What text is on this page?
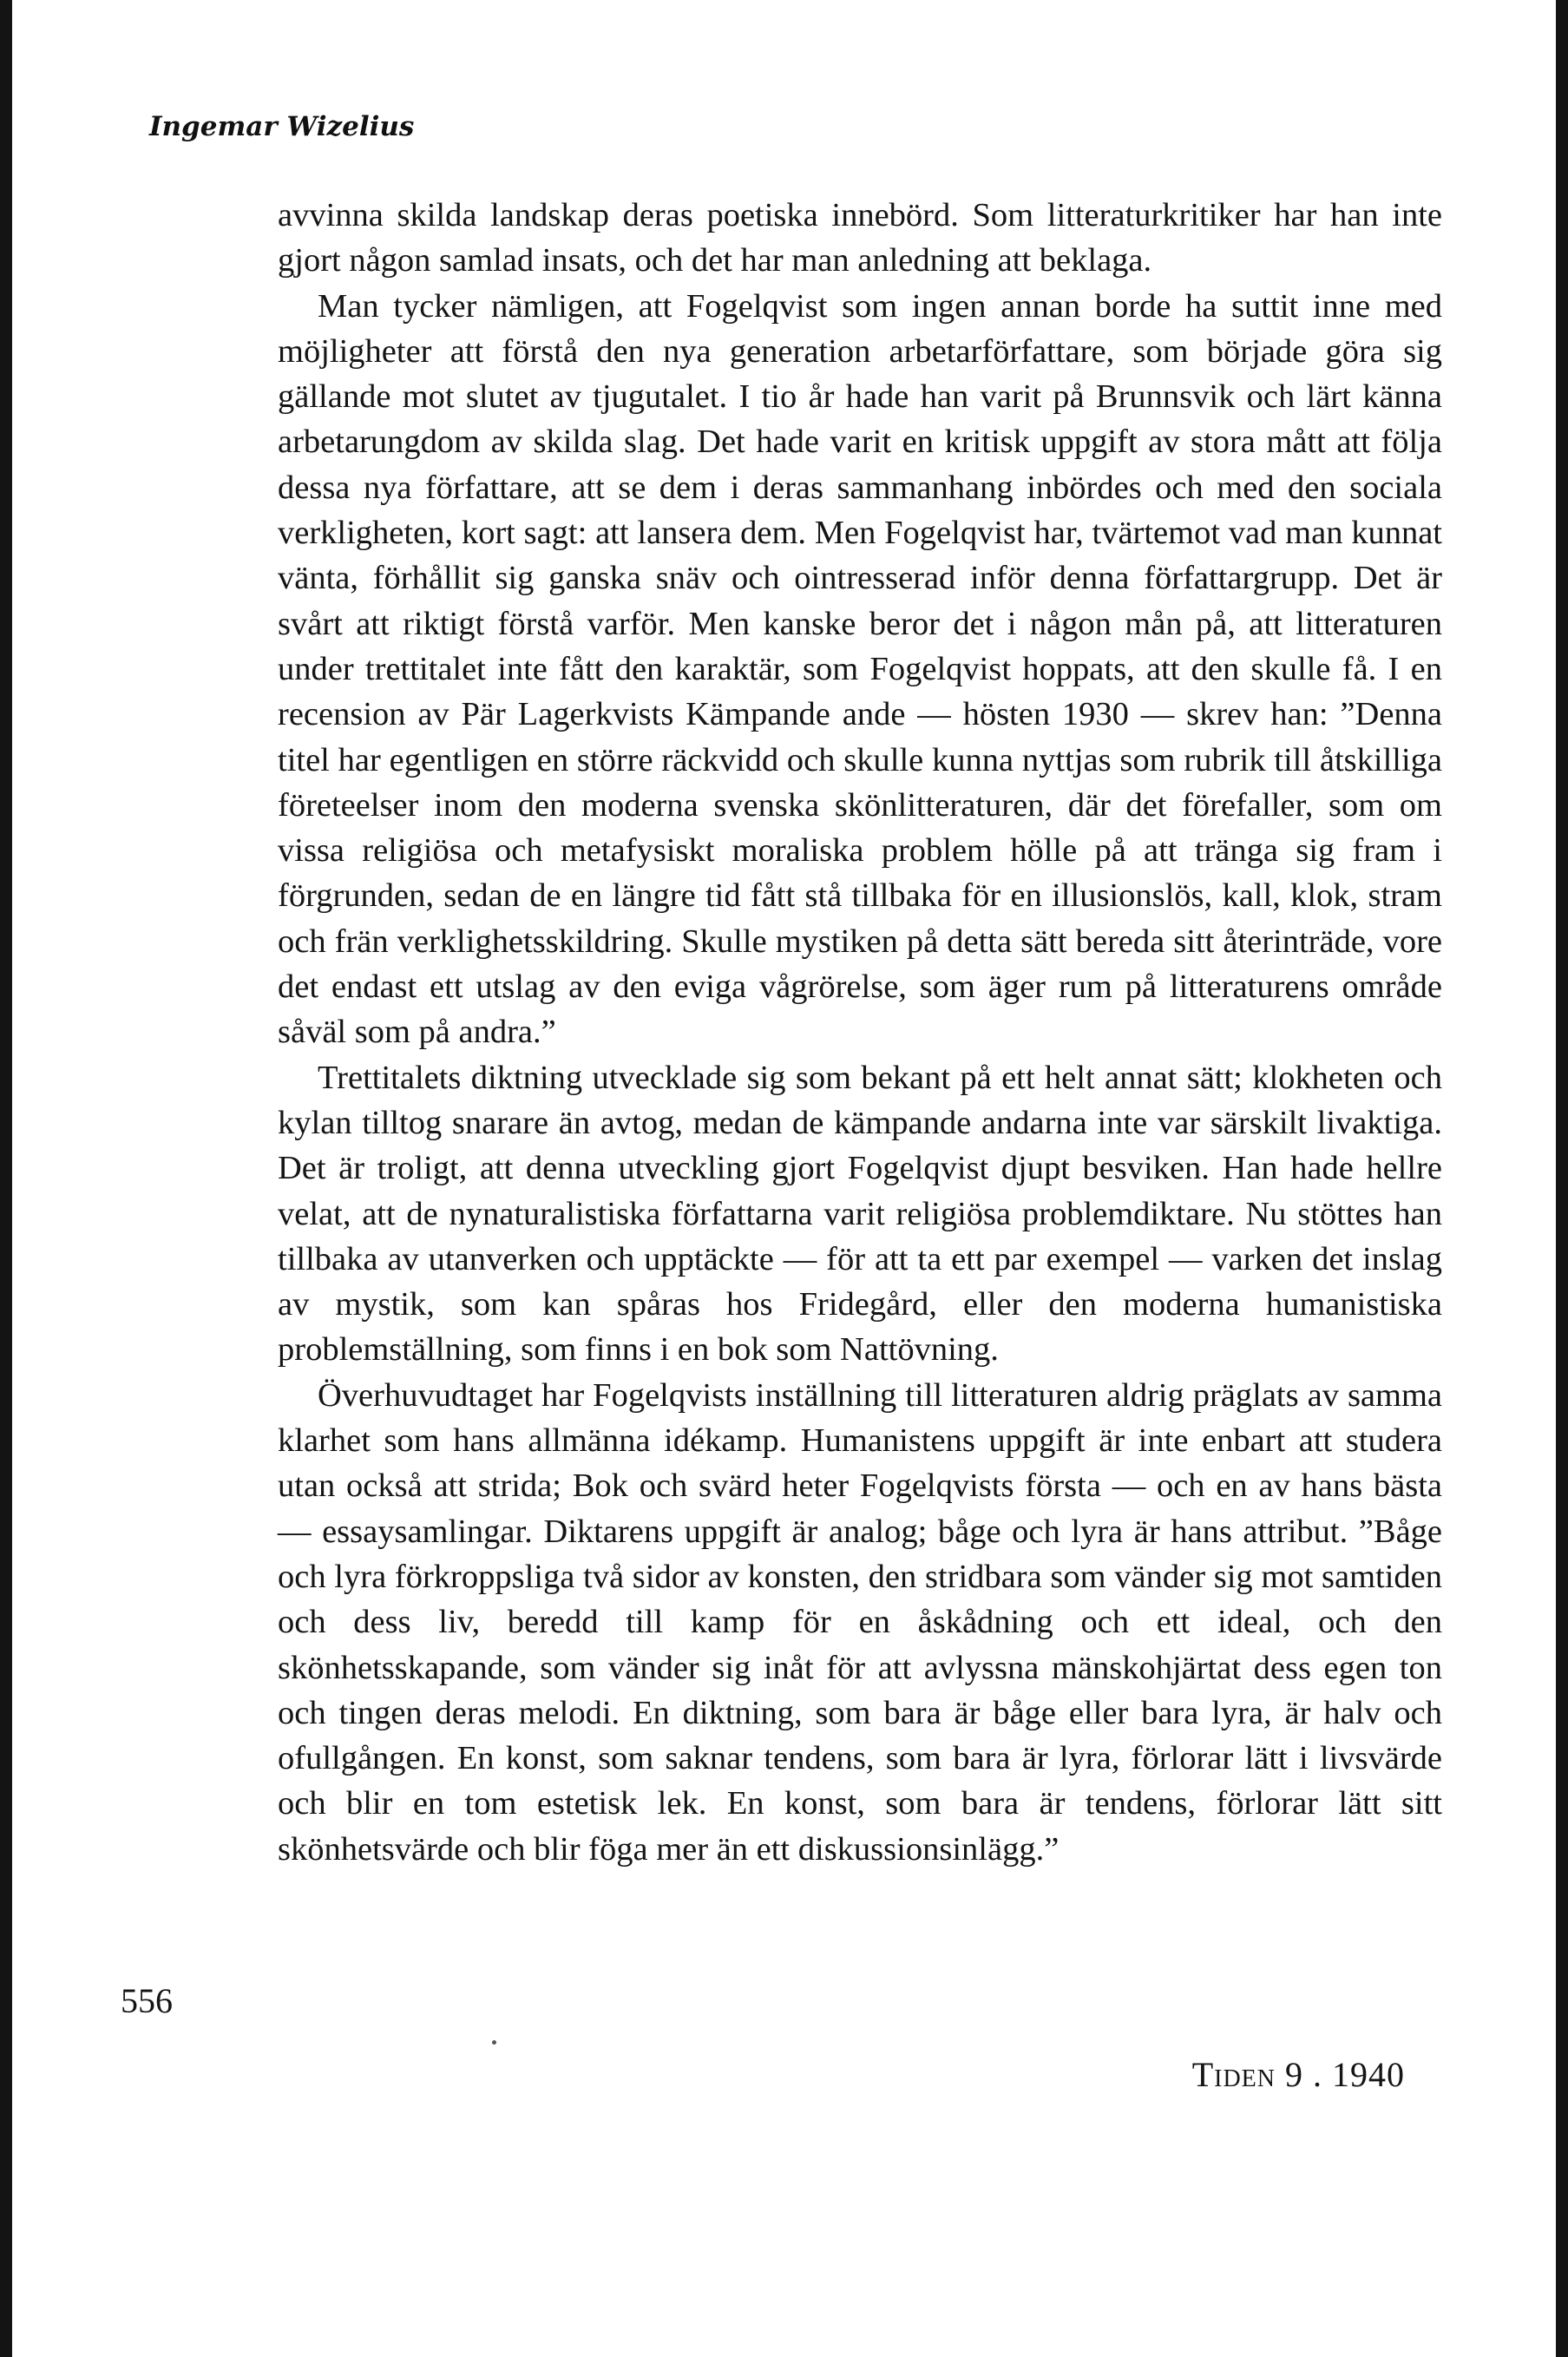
Ingemar Wizelius

avvinna skilda landskap deras poetiska innebörd. Som litteraturkritiker har han inte gjort någon samlad insats, och det har man anledning att beklaga.

Man tycker nämligen, att Fogelqvist som ingen annan borde ha suttit inne med möjligheter att förstå den nya generation arbetarförfattare, som började göra sig gällande mot slutet av tjugutalet. I tio år hade han varit på Brunnsvik och lärt känna arbetarungdom av skilda slag. Det hade varit en kritisk uppgift av stora mått att följa dessa nya författare, att se dem i deras sammanhang inbördes och med den sociala verkligheten, kort sagt: att lansera dem. Men Fogelqvist har, tvärtemot vad man kunnat vänta, förhållit sig ganska snäv och ointresserad inför denna författargrupp. Det är svårt att riktigt förstå varför. Men kanske beror det i någon mån på, att litteraturen under trettitalet inte fått den karaktär, som Fogelqvist hoppats, att den skulle få. I en recension av Pär Lagerkvists Kämpande ande — hösten 1930 — skrev han: ”Denna titel har egentligen en större räckvidd och skulle kunna nyttjas som rubrik till åtskilliga företeelser inom den moderna svenska skönlitteraturen, där det förefaller, som om vissa religiösa och metafysiskt moraliska problem hölle på att tränga sig fram i förgrunden, sedan de en längre tid fått stå tillbaka för en illusionslös, kall, klok, stram och frän verklighetsskildring. Skulle mystiken på detta sätt bereda sitt återinträde, vore det endast ett utslag av den eviga vågrörelse, som äger rum på litteraturens område såväl som på andra.”

Trettitalets diktning utvecklade sig som bekant på ett helt annat sätt; klokheten och kylan tilltog snarare än avtog, medan de kämpande andarna inte var särskilt livaktiga. Det är troligt, att denna utveckling gjort Fogelqvist djupt besviken. Han hade hellre velat, att de nynaturalistiska författarna varit religiösa problemdiktare. Nu stöttes han tillbaka av utanverken och upptäckte — för att ta ett par exempel — varken det inslag av mystik, som kan spåras hos Fridegård, eller den moderna humanistiska problemställning, som finns i en bok som Nattövning.

Överhuvudtaget har Fogelqvists inställning till litteraturen aldrig präglats av samma klarhet som hans allmänna idékamp. Humanistens uppgift är inte enbart att studera utan också att strida; Bok och svärd heter Fogelqvists första — och en av hans bästa — essaysamlingar. Diktarens uppgift är analog; båge och lyra är hans attribut. ”Båge och lyra förkroppsliga två sidor av konsten, den stridbara som vänder sig mot samtiden och dess liv, beredd till kamp för en åskådning och ett ideal, och den skönhetsskapande, som vänder sig inåt för att avlyssna mänskohjärtat dess egen ton och tingen deras melodi. En diktning, som bara är båge eller bara lyra, är halv och ofullgången. En konst, som saknar tendens, som bara är lyra, förlorar lätt i livsvärde och blir en tom estetisk lek. En konst, som bara är tendens, förlorar lätt sitt skönhetsvärde och blir föga mer än ett diskussionsinlägg.”

556
Tiden 9 . 1940
